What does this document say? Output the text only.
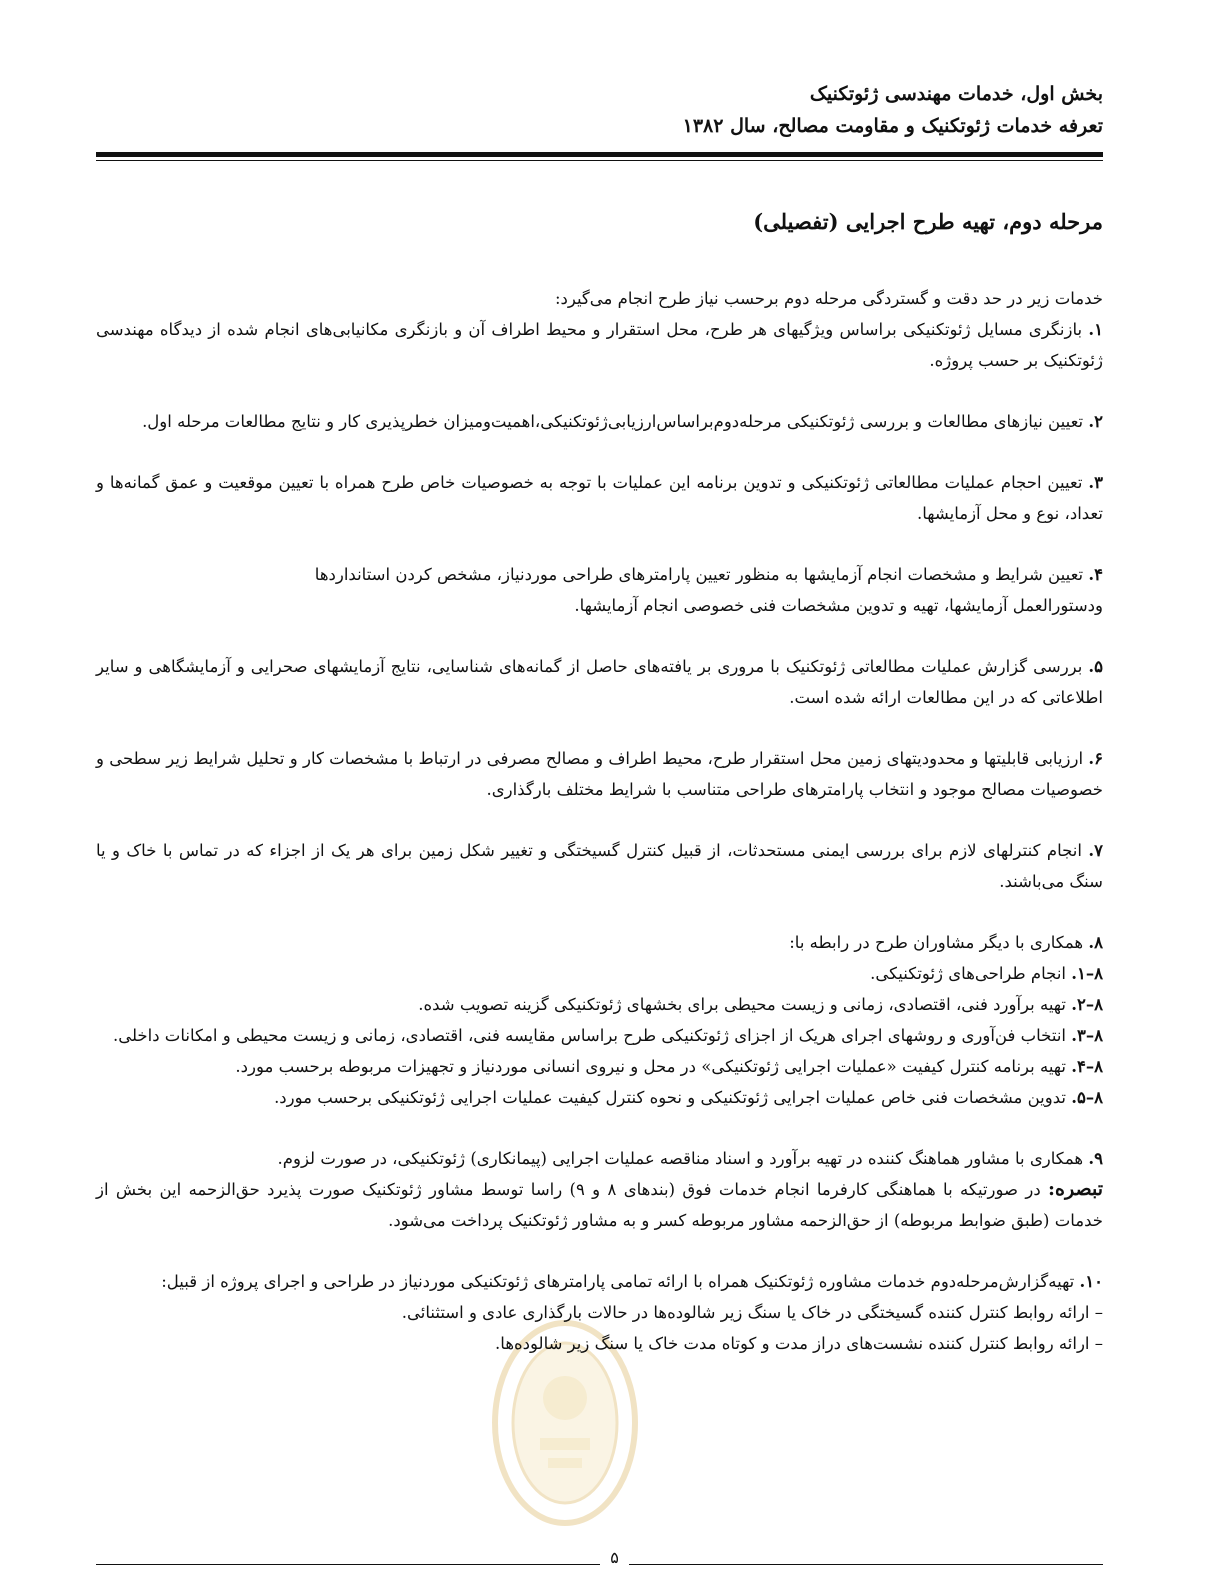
بخش اول، خدمات مهندسی ژئوتکنیک
تعرفه خدمات ژئوتکنیک و مقاومت مصالح، سال ۱۳۸۲
مرحله دوم، تهیه طرح اجرایی (تفصیلی)

خدمات زیر در حد دقت و گستردگی مرحله دوم برحسب نیاز طرح انجام می‌گیرد:

۱. بازنگری مسایل ژئوتکنیکی براساس ویژگیهای هر طرح، محل استقرار و محیط اطراف آن و بازنگری مکانیابی‌های انجام شده از دیدگاه مهندسی ژئوتکنیک بر حسب پروژه.

۲. تعیین نیازهای مطالعات و بررسی ژئوتکنیکی مرحله‌دوم‌براساس‌ارزیابی‌ژئوتکنیکی،اهمیت‌ومیزان خطرپذیری کار و نتایج مطالعات مرحله اول.

۳. تعیین احجام عملیات مطالعاتی ژئوتکنیکی و تدوین برنامه این عملیات با توجه به خصوصیات خاص طرح همراه با تعیین موقعیت و عمق گمانه‌ها و تعداد، نوع و محل آزمایشها.

۴. تعیین شرایط و مشخصات انجام آزمایشها به منظور تعیین پارامترهای طراحی موردنیاز، مشخص کردن استانداردها ودستورالعمل آزمایشها، تهیه و تدوین مشخصات فنی خصوصی انجام آزمایشها.

۵. بررسی گزارش عملیات مطالعاتی ژئوتکنیک با مروری بر یافته‌های حاصل از گمانه‌های شناسایی، نتایج آزمایشهای صحرایی و آزمایشگاهی و سایر اطلاعاتی که در این مطالعات ارائه شده است.

۶. ارزیابی قابلیتها و محدودیتهای زمین محل استقرار طرح، محیط اطراف و مصالح مصرفی در ارتباط با مشخصات کار و تحلیل شرایط زیر سطحی و خصوصیات مصالح موجود و انتخاب پارامترهای طراحی متناسب با شرایط مختلف بارگذاری.

۷. انجام کنترلهای لازم برای بررسی ایمنی مستحدثات، از قبیل کنترل گسیختگی و تغییر شکل زمین برای هر یک از اجزاء که در تماس با خاک و یا سنگ می‌باشند.

۸. همکاری با دیگر مشاوران طرح در رابطه با:

۸–۱. انجام طراحی‌های ژئوتکنیکی.

۸–۲. تهیه برآورد فنی، اقتصادی، زمانی و زیست محیطی برای بخشهای ژئوتکنیکی گزینه تصویب شده.

۸–۳. انتخاب فن‌آوری و روشهای اجرای هریک از اجزای ژئوتکنیکی طرح براساس مقایسه فنی، اقتصادی، زمانی و زیست محیطی و امکانات داخلی.

۸–۴. تهیه برنامه کنترل کیفیت «عملیات اجرایی ژئوتکنیکی» در محل و نیروی انسانی موردنیاز و تجهیزات مربوطه برحسب مورد.

۸–۵. تدوین مشخصات فنی خاص عملیات اجرایی ژئوتکنیکی و نحوه کنترل کیفیت عملیات اجرایی ژئوتکنیکی برحسب مورد.

۹. همکاری با مشاور هماهنگ کننده در تهیه برآورد و اسناد مناقصه عملیات اجرایی (پیمانکاری) ژئوتکنیکی، در صورت لزوم.

تبصره: در صورتیکه با هماهنگی کارفرما انجام خدمات فوق (بندهای ۸ و ۹) راسا توسط مشاور ژئوتکنیک صورت پذیرد حق‌الزحمه این بخش از خدمات (طبق ضوابط مربوطه) از حق‌الزحمه مشاور مربوطه کسر و به مشاور ژئوتکنیک پرداخت می‌شود.

۱۰. تهیه‌گزارش‌مرحله‌دوم خدمات مشاوره ژئوتکنیک همراه با ارائه تمامی پارامترهای ژئوتکنیکی موردنیاز در طراحی و اجرای پروژه از قبیل:

– ارائه روابط کنترل کننده گسیختگی در خاک یا سنگ زیر شالوده‌ها در حالات بارگذاری عادی و استثنائی.

– ارائه روابط کنترل کننده نشست‌های دراز مدت و کوتاه مدت خاک یا سنگ زیر شالوده‌ها.

۵
